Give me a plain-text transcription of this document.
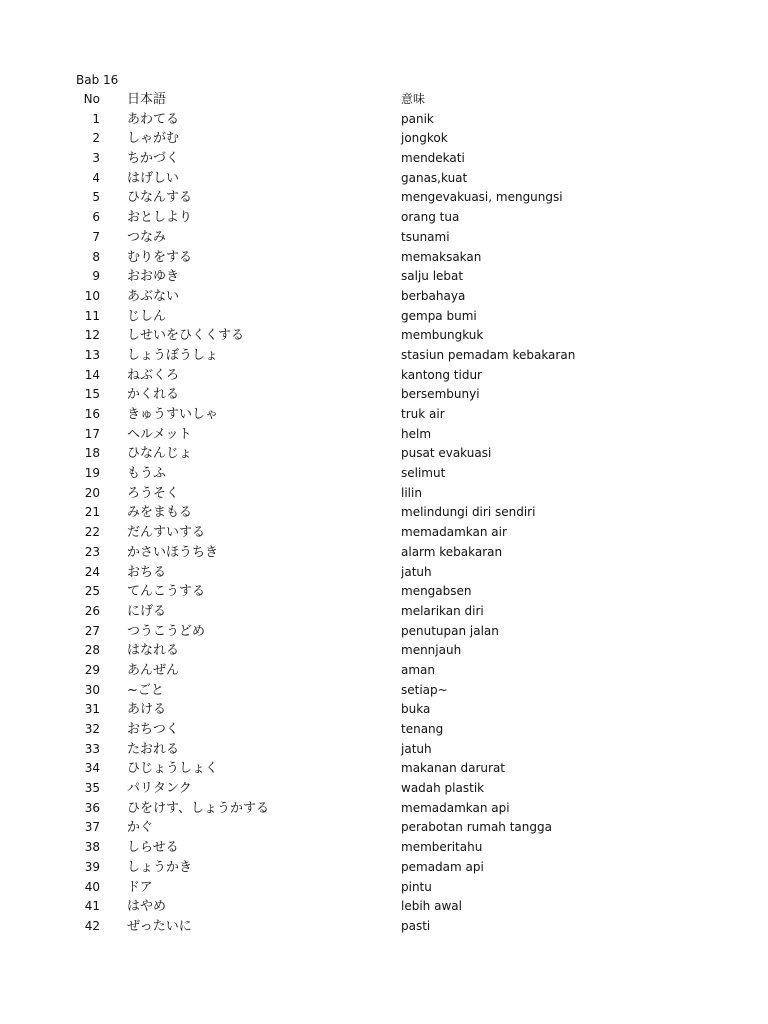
Bab 16
No 日本語	意味
1 あわてる	panik
2 しゃがむ	jongkok
3 ちかづく	mendekati
4 はげしい	ganas,kuat
5 ひなんする	mengevakuasi, mengungsi
6 おとしより	orang tua
7 つなみ	tsunami
8 むりをする	memaksakan
9 おおゆき	salju lebat
10 あぶない	berbahaya
11 じしん	gempa bumi
12 しせいをひくくする	membungkuk
13 しょうぼうしょ	stasiun pemadam kebakaran
14 ねぶくろ	kantong tidur
15 かくれる	bersembunyi
16 きゅうすいしゃ	truk air
17 ヘルメット	helm
18 ひなんじょ	pusat evakuasi
19 もうふ	selimut
20 ろうそく	lilin
21 みをまもる	melindungi diri sendiri
22 だんすいする	memadamkan air
23 かさいほうちき	alarm kebakaran
24 おちる	jatuh
25 てんこうする	mengabsen
26 にげる	melarikan diri
27 つうこうどめ	penutupan jalan
28 はなれる	mennjauh
29 あんぜん	aman
30 ~ごと	setiap~
31 あける	buka
32 おちつく	tenang
33 たおれる	jatuh
34 ひじょうしょく	makanan darurat
35 パリタンク	wadah plastik
36 ひをけす、しょうかする	memadamkan api
37 かぐ	perabotan rumah tangga
38 しらせる	memberitahu
39 しょうかき	pemadam api
40 ドア	pintu
41 はやめ	lebih awal
42 ぜったいに	pasti
